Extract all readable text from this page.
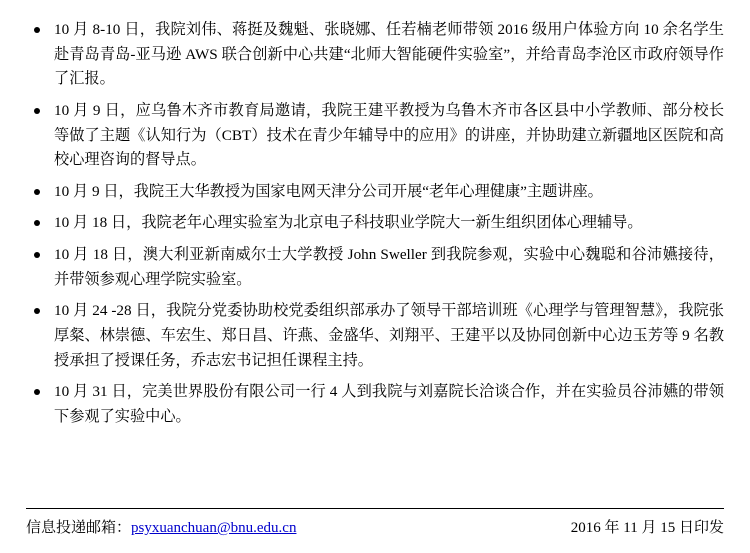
10 月 8-10 日，我院刘伟、蒋挺及魏魁、张晓娜、任若楠老师带领 2016 级用户体验方向 10 余名学生赴青岛青岛-亚马逊 AWS 联合创新中心共建“北师大智能硬件实验室”，并给青岛李沧区市政府领导作了汇报。
10 月 9 日，应乌鲁木齐市教育局邀请，我院王建平教授为乌鲁木齐市各区县中小学教师、部分校长等做了主题《认知行为（CBT）技术在青少年辅导中的应用》的讲座，并协助建立新疆地区医院和高校心理咨询的督导点。
10 月 9 日，我院王大华教授为国家电网天津分公司开展“老年心理健康”主题讲座。
10 月 18 日，我院老年心理实验室为北京电子科技职业学院大一新生组织团体心理辅导。
10 月 18 日，澳大利亚新南威尔士大学教授 John Sweller 到我院参观，实验中心魏聪和谷沛嬿接待，并带领参观心理学院实验室。
10 月 24 -28 日，我院分党委协助校党委组织部承办了领导干部培训班《心理学与管理智慧》，我院张厚粲、林崇德、车宏生、郑日昌、许燕、金盛华、刘翔平、王建平以及协同创新中心边玉芳等 9 名教授承担了授课任务，乔志宏书记担任课程主持。
10 月 31 日，完美世界股份有限公司一行 4 人到我院与刘嘉院长洽谈合作，并在实验员谷沛嬿的带领下参观了实验中心。
信息投递邮箱：psyxuanchuan@bnu.edu.cn	2016 年 11 月 15 日印发
